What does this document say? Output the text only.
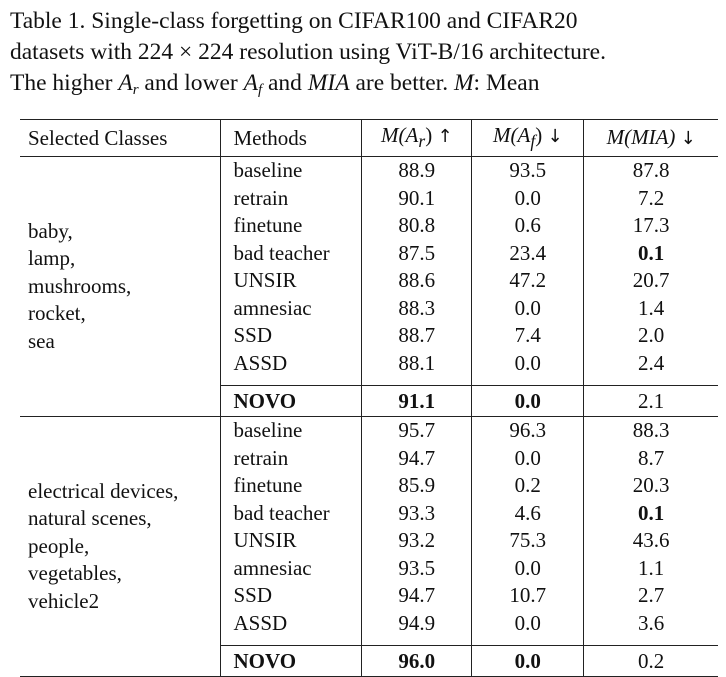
Table 1. Single-class forgetting on CIFAR100 and CIFAR20
datasets with 224 × 224 resolution using ViT-B/16 architecture.
The higher $A_r$ and lower $A_f$ and MIA are better. M: Mean
Selected Classes	Methods	$M(A_r)$ ↑	$M(A_f)$ ↓	M(MIA) ↓

baby,
lamp,
mushrooms,
rocket,
sea	baseline	88.9	93.5	87.8
	retrain	90.1	0.0	7.2
	finetune	80.8	0.6	17.3
	bad teacher	87.5	23.4	0.1
	UNSIR	88.6	47.2	20.7
	amnesiac	88.3	0.0	1.4
	SSD	88.7	7.4	2.0
	ASSD	88.1	0.0	2.4

	NOVO	91.1	0.0	2.1

electrical devices,
natural scenes,
people,
vegetables,
vehicle2	baseline	95.7	96.3	88.3
	retrain	94.7	0.0	8.7
	finetune	85.9	0.2	20.3
	bad teacher	93.3	4.6	0.1
	UNSIR	93.2	75.3	43.6
	amnesiac	93.5	0.0	1.1
	SSD	94.7	10.7	2.7
	ASSD	94.9	0.0	3.6

	NOVO	96.0	0.0	0.2
